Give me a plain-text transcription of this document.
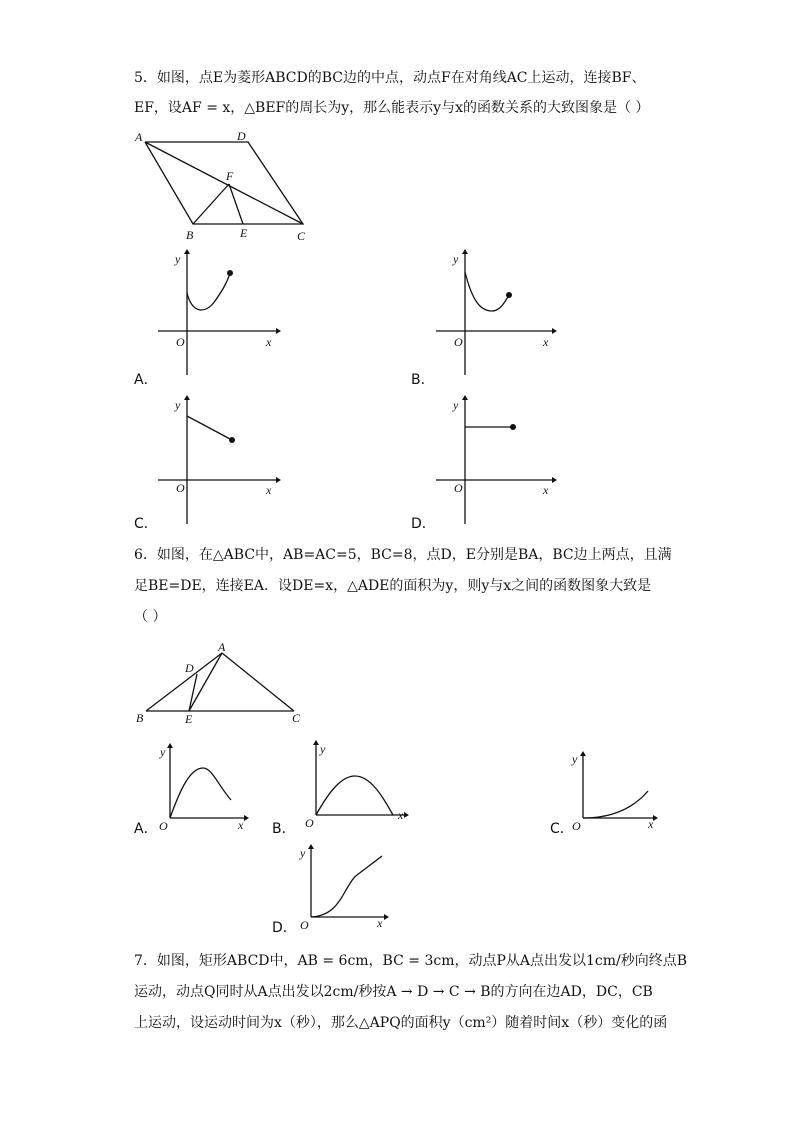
5．如图，点E为菱形ABCD的BC边的中点，动点F在对角线AC上运动，连接BF、
EF，设AF = x，△BEF的周长为y，那么能表示y与x的函数关系的大致图象是（ ）
A	D
F
B	E	C
y
O	x
y
O	x
y
O	x
y
O	x
A
D
B	E	C
y
O	x
y
O
x
y
O	x
y
O	x
A．	B．
C．	D．
6．如图，在△ABC中，AB=AC=5，BC=8，点D，E分别是BA，BC边上两点，且满
足BE=DE，连接EA．设DE=x，△ADE的面积为y，则y与x之间的函数图象大致是
（ ）
A．	B．	C．
D．
7．如图，矩形ABCD中，AB = 6cm，BC = 3cm，动点P从A点出发以1cm/秒向终点B
运动，动点Q同时从A点出发以2cm/秒按A → D → C → B的方向在边AD，DC，CB
上运动，设运动时间为x（秒），那么△APQ的面积y（cm²）随着时间x（秒）变化的函
